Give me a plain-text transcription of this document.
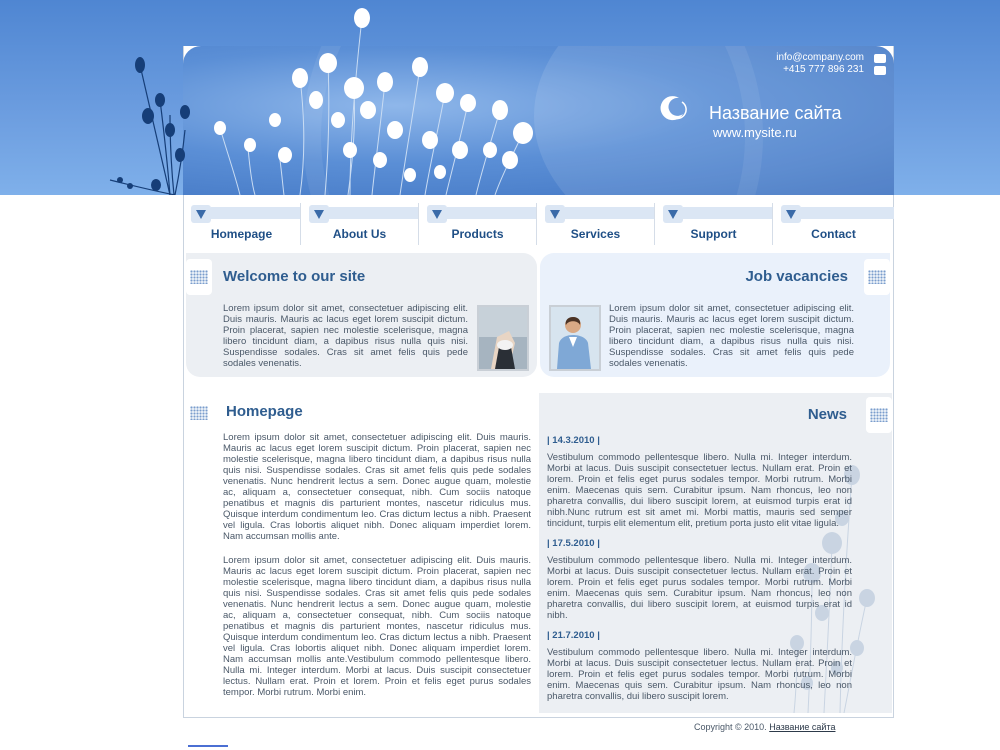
info@company.com
+415 777 896 231
Название сайта
www.mysite.ru
Homepage	About Us	Products	Services	Support	Contact
Welcome to our site
Lorem ipsum dolor sit amet, consectetuer adipiscing elit. Duis mauris. Mauris ac lacus eget lorem suscipit dictum. Proin placerat, sapien nec molestie scelerisque, magna libero tincidunt diam, a dapibus risus nulla quis nisi. Suspendisse sodales. Cras sit amet felis quis pede sodales venenatis.
Job vacancies
Lorem ipsum dolor sit amet, consectetuer adipiscing elit. Duis mauris. Mauris ac lacus eget lorem suscipit dictum. Proin placerat, sapien nec molestie scelerisque, magna libero tincidunt diam, a dapibus risus nulla quis nisi. Suspendisse sodales. Cras sit amet felis quis pede sodales venenatis.
Homepage
Lorem ipsum dolor sit amet, consectetuer adipiscing elit. Duis mauris. Mauris ac lacus eget lorem suscipit dictum. Proin placerat, sapien nec molestie scelerisque, magna libero tincidunt diam, a dapibus risus nulla quis nisi. Suspendisse sodales. Cras sit amet felis quis pede sodales venenatis. Nunc hendrerit lectus a sem. Donec augue quam, molestie ac, aliquam a, consectetuer consequat, nibh. Cum sociis natoque penatibus et magnis dis parturient montes, nascetur ridiculus mus. Quisque interdum condimentum leo. Cras dictum lectus a nibh. Praesent vel ligula. Cras lobortis aliquet nibh. Donec aliquam imperdiet lorem. Nam accumsan mollis ante.
Lorem ipsum dolor sit amet, consectetuer adipiscing elit. Duis mauris. Mauris ac lacus eget lorem suscipit dictum. Proin placerat, sapien nec molestie scelerisque, magna libero tincidunt diam, a dapibus risus nulla quis nisi. Suspendisse sodales. Cras sit amet felis quis pede sodales venenatis. Nunc hendrerit lectus a sem. Donec augue quam, molestie ac, aliquam a, consectetuer consequat, nibh. Cum sociis natoque penatibus et magnis dis parturient montes, nascetur ridiculus mus. Quisque interdum condimentum leo. Cras dictum lectus a nibh. Praesent vel ligula. Cras lobortis aliquet nibh. Donec aliquam imperdiet lorem. Nam accumsan mollis ante.Vestibulum commodo pellentesque libero. Nulla mi. Integer interdum. Morbi at lacus. Duis suscipit consectetuer lectus. Nullam erat. Proin et lorem. Proin et felis eget purus sodales tempor. Morbi rutrum. Morbi enim.
News
| 14.3.2010 |
Vestibulum commodo pellentesque libero. Nulla mi. Integer interdum. Morbi at lacus. Duis suscipit consectetuer lectus. Nullam erat. Proin et lorem. Proin et felis eget purus sodales tempor. Morbi rutrum. Morbi enim. Maecenas quis sem. Curabitur ipsum. Nam rhoncus, leo non pharetra convallis, dui libero suscipit lorem, at euismod turpis erat id nibh.Nunc rutrum est sit amet mi. Morbi mattis, mauris sed semper tincidunt, turpis elit elementum elit, pretium porta justo elit vitae ligula.
| 17.5.2010 |
Vestibulum commodo pellentesque libero. Nulla mi. Integer interdum. Morbi at lacus. Duis suscipit consectetuer lectus. Nullam erat. Proin et lorem. Proin et felis eget purus sodales tempor. Morbi rutrum. Morbi enim. Maecenas quis sem. Curabitur ipsum. Nam rhoncus, leo non pharetra convallis, dui libero suscipit lorem, at euismod turpis erat id nibh.
| 21.7.2010 |
Vestibulum commodo pellentesque libero. Nulla mi. Integer interdum. Morbi at lacus. Duis suscipit consectetuer lectus. Nullam erat. Proin et lorem. Proin et felis eget purus sodales tempor. Morbi rutrum. Morbi enim. Maecenas quis sem. Curabitur ipsum. Nam rhoncus, leo non pharetra convallis, dui libero suscipit lorem.
Copyright © 2010. Название сайта
